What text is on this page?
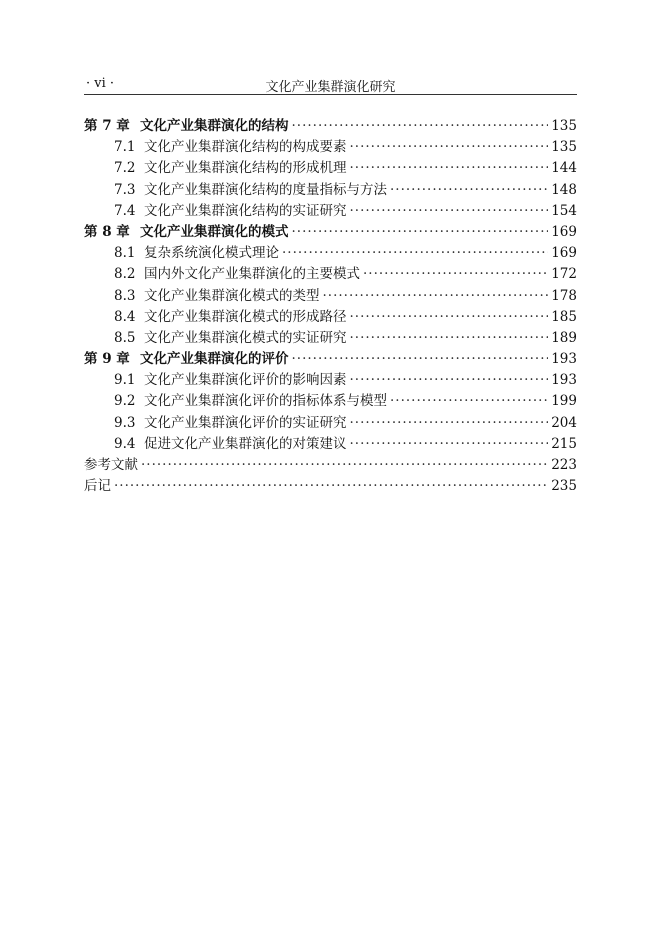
· vi ·	文化产业集群演化研究
第 7 章 文化产业集群演化的结构 ·····	135
7.1 文化产业集群演化结构的构成要素 ·····	135
7.2 文化产业集群演化结构的形成机理 ·····	144
7.3 文化产业集群演化结构的度量指标与方法 ·····	148
7.4 文化产业集群演化结构的实证研究 ·····	154
第 8 章 文化产业集群演化的模式 ·····	169
8.1 复杂系统演化模式理论 ·····	169
8.2 国内外文化产业集群演化的主要模式 ·····	172
8.3 文化产业集群演化模式的类型 ·····	178
8.4 文化产业集群演化模式的形成路径 ·····	185
8.5 文化产业集群演化模式的实证研究 ·····	189
第 9 章 文化产业集群演化的评价 ·····	193
9.1 文化产业集群演化评价的影响因素 ·····	193
9.2 文化产业集群演化评价的指标体系与模型 ·····	199
9.3 文化产业集群演化评价的实证研究 ·····	204
9.4 促进文化产业集群演化的对策建议 ·····	215
参考文献 ·····	223
后记 ·····	235
